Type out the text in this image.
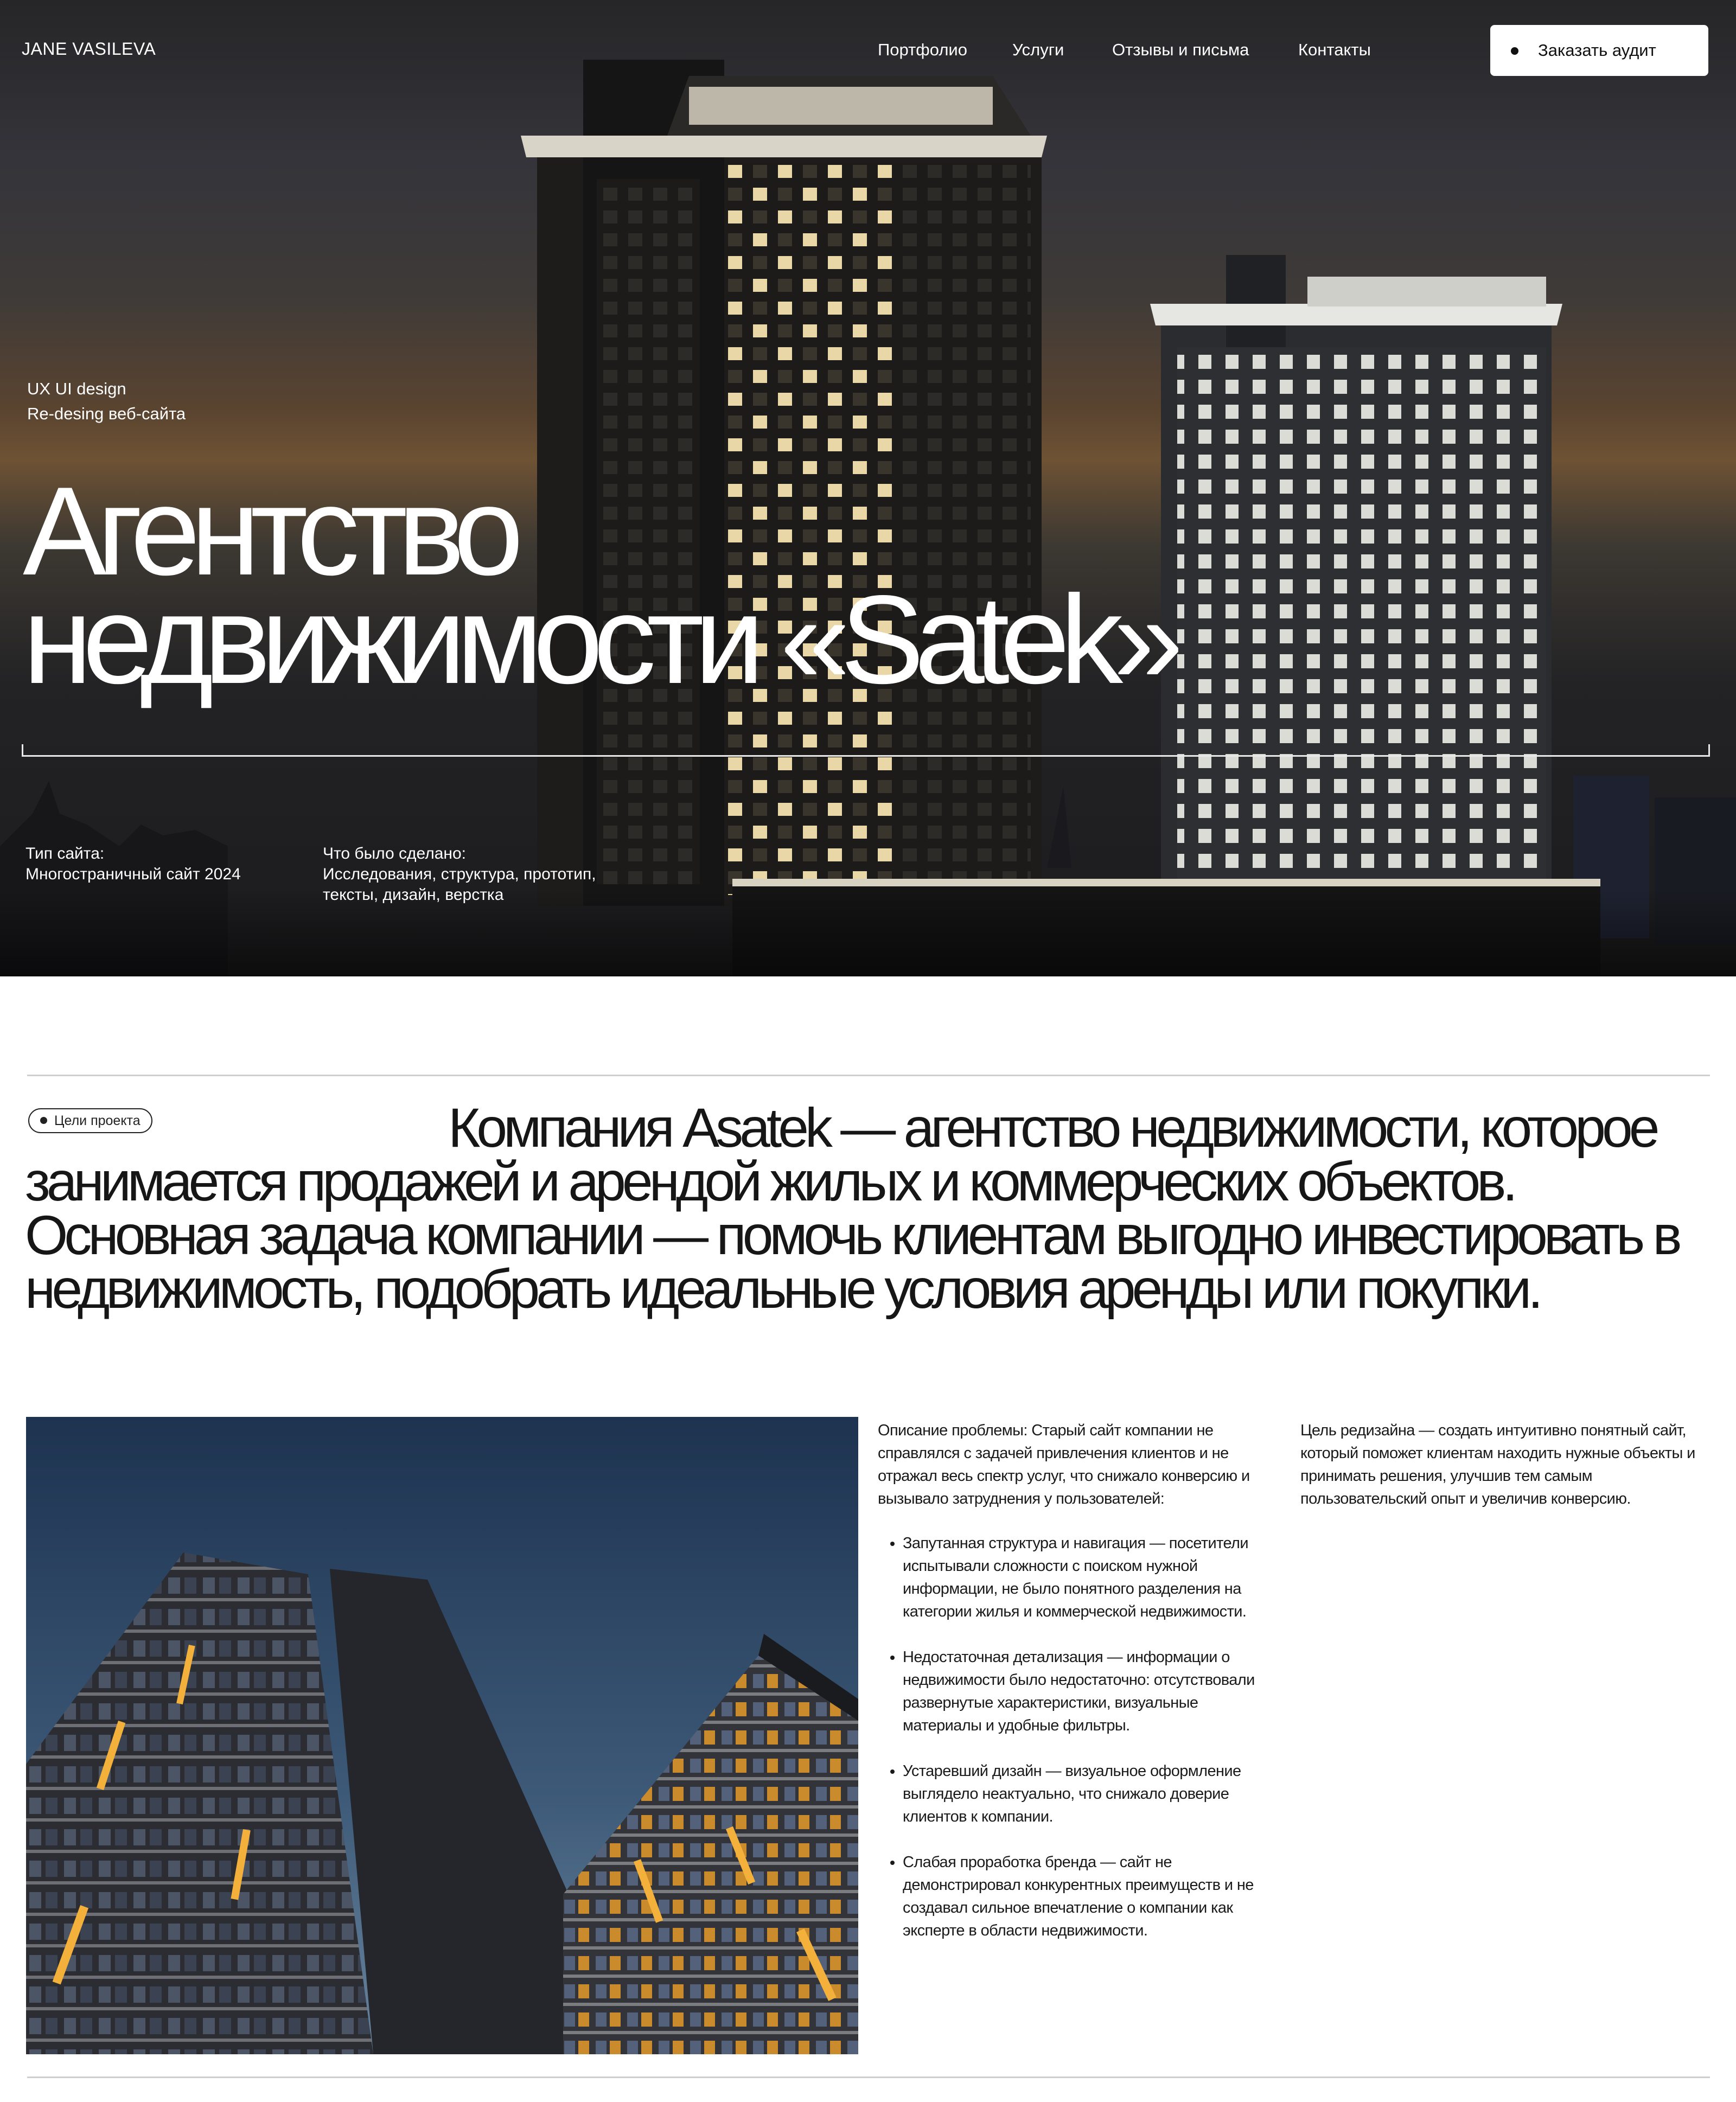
JANE VASILEVA	Портфолио	Услуги	Отзывы и письма	Контакты	Заказать аудит
UX UI design
Re-desing веб-сайта
Агентство
недвижимости «Satek»
Тип сайта:
Многостраничный сайт 2024
Что было сделано:
Исследования, структура, прототип,
тексты, дизайн, верстка
Цели проекта	Компания Asatek — агентство недвижимости, которое занимается продажей и арендой жилых и коммерческих объектов. Основная задача компании — помочь клиентам выгодно инвестировать в недвижимость, подобрать идеальные условия аренды или покупки.

Описание проблемы: Старый сайт компании не справлялся с задачей привлечения клиентов и не отражал весь спектр услуг, что снижало конверсию и вызывало затруднения у пользователей:

• Запутанная структура и навигация — посетители испытывали сложности с поиском нужной информации, не было понятного разделения на категории жилья и коммерческой недвижимости.
• Недостаточная детализация — информации о недвижимости было недостаточно: отсутствовали развернутые характеристики, визуальные материалы и удобные фильтры.
• Устаревший дизайн — визуальное оформление выглядело неактуально, что снижало доверие клиентов к компании.
• Слабая проработка бренда — сайт не демонстрировал конкурентных преимуществ и не создавал сильное впечатление о компании как эксперте в области недвижимости.

Цель редизайна — создать интуитивно понятный сайт, который поможет клиентам находить нужные объекты и принимать решения, улучшив тем самым пользовательский опыт и увеличив конверсию.
